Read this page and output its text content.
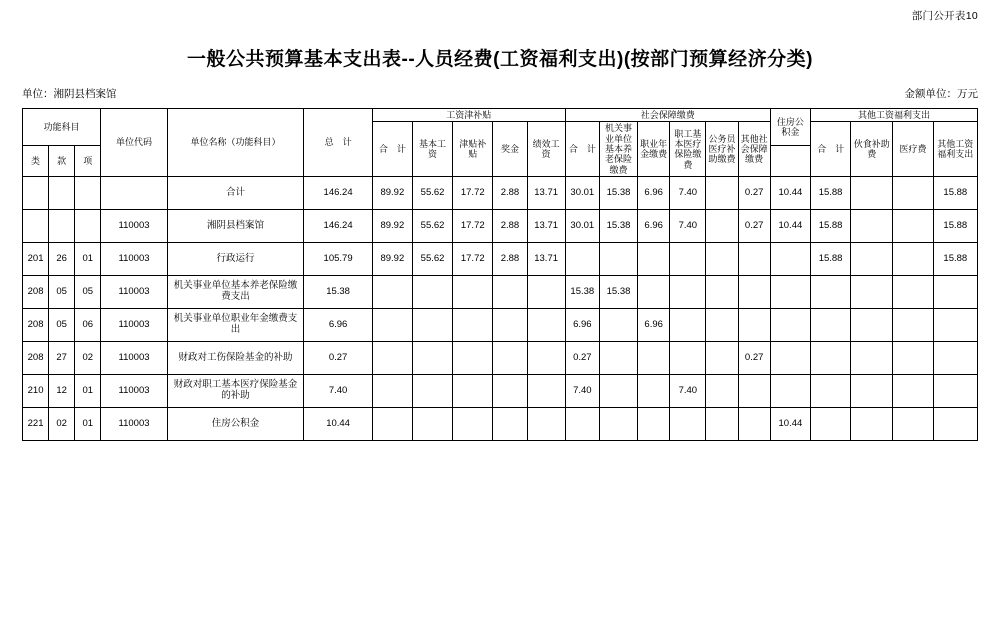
部门公开表10
一般公共预算基本支出表--人员经费(工资福利支出)(按部门预算经济分类)
单位：湘阴县档案馆	金额单位：万元
功能科目			单位代码	单位名称（功能科目）	总　计	工资津补贴					社会保障缴费						住房公积金	其他工资福利支出			
						合　计	基本工资	津贴补贴	奖金	绩效工资	合　计	机关事业单位基本养老保险缴费	职业年金缴费	职工基本医疗保险缴费	公务员医疗补助缴费	其他社会保障缴费		合　计	伙食补助费	医疗费	其他工资福利支出
类	款	项																			
				合计	146.24	89.92	55.62	17.72	2.88	13.71	30.01	15.38	6.96	7.40		0.27	10.44	15.88			15.88
			110003	湘阴县档案馆	146.24	89.92	55.62	17.72	2.88	13.71	30.01	15.38	6.96	7.40		0.27	10.44	15.88			15.88
201	26	01	110003	行政运行	105.79	89.92	55.62	17.72	2.88	13.71								15.88			15.88
208	05	05	110003	机关事业单位基本养老保险缴费支出	15.38						15.38	15.38									
208	05	06	110003	机关事业单位职业年金缴费支出	6.96						6.96		6.96								
208	27	02	110003	财政对工伤保险基金的补助	0.27						0.27					0.27					
210	12	01	110003	财政对职工基本医疗保险基金的补助	7.40						7.40			7.40							
221	02	01	110003	住房公积金	10.44												10.44				
